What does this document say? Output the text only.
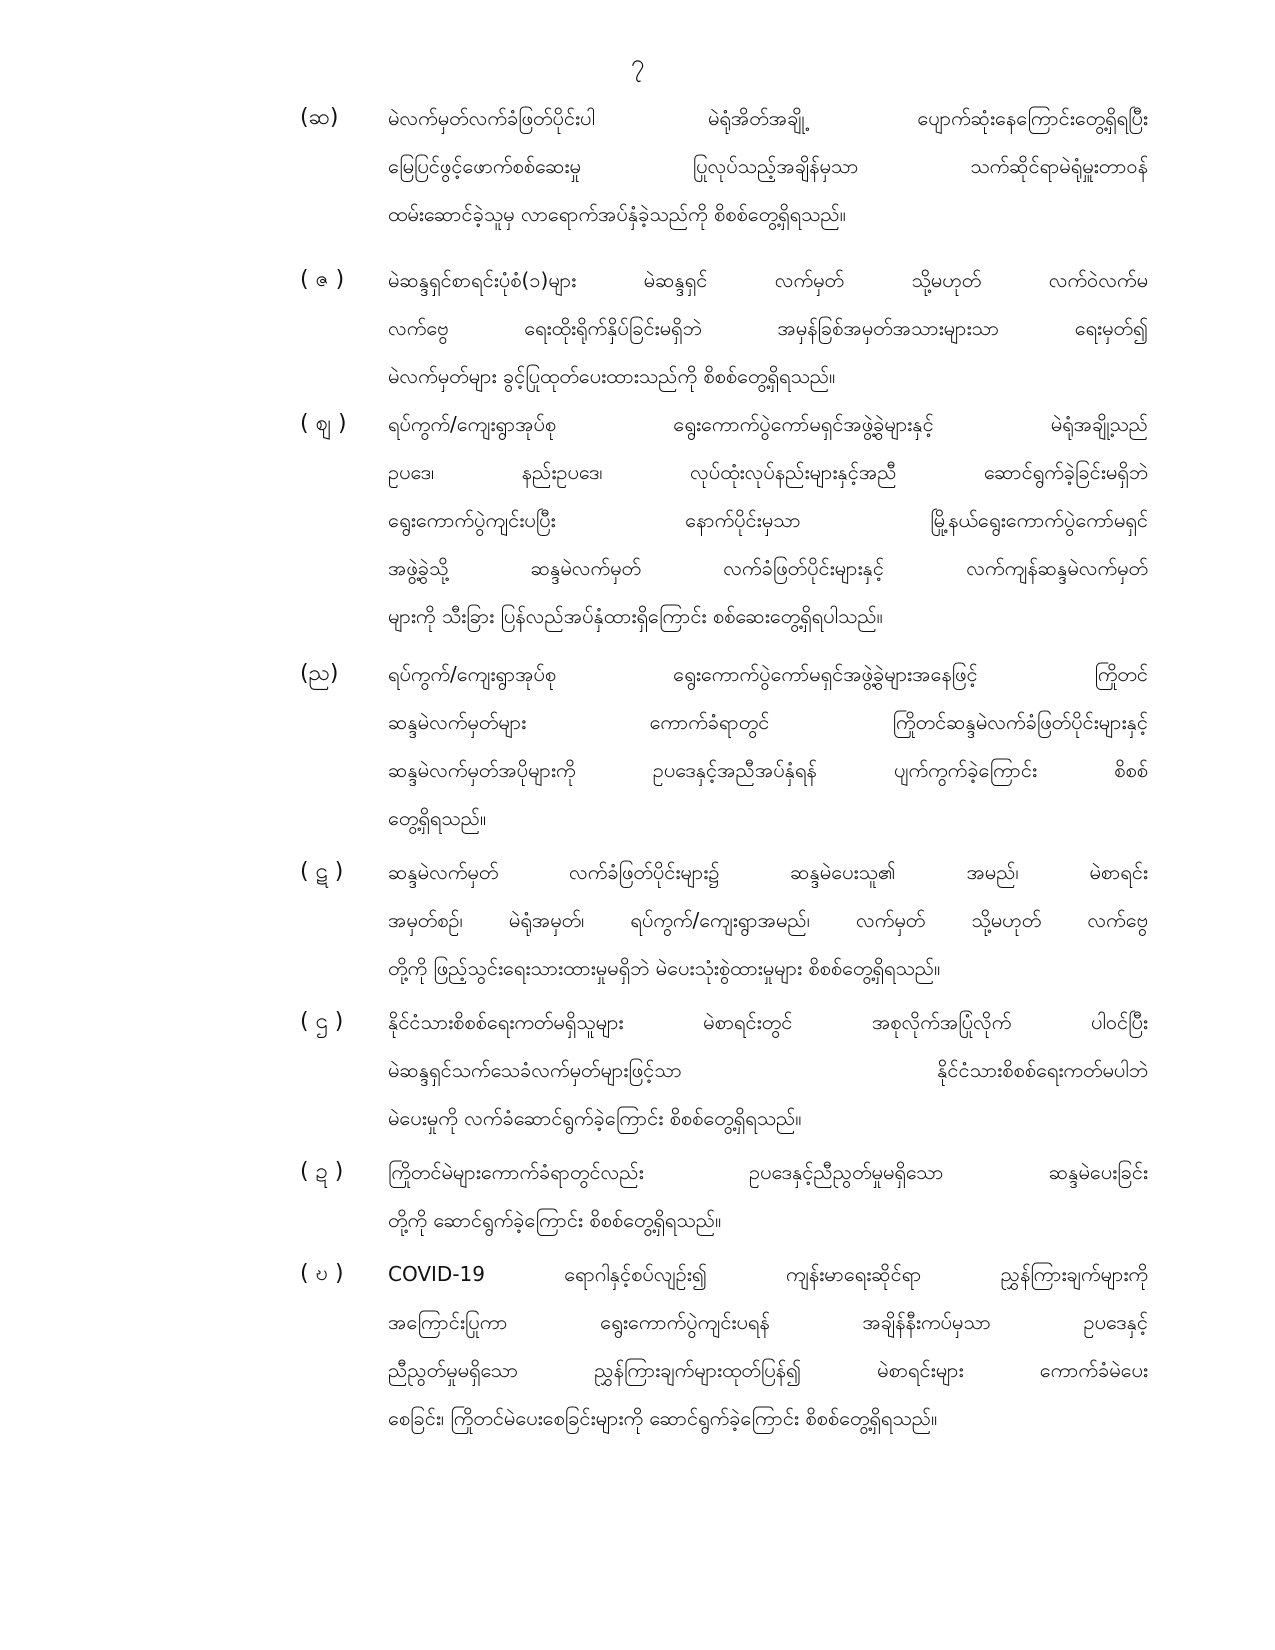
၇
(ဆ)	မဲလက်မှတ်လက်ခံဖြတ်ပိုင်းပါ မဲရုံအိတ်အချို့ ပျောက်ဆုံးနေကြောင်းတွေ့ရှိရပြီး
မြေပြင်ဖွင့်ဖောက်စစ်ဆေးမှု ပြုလုပ်သည့်အချိန်မှသာ သက်ဆိုင်ရာမဲရုံမှူးတာဝန်
ထမ်းဆောင်ခဲ့သူမှ လာရောက်အပ်နှံခဲ့သည်ကို စိစစ်တွေ့ရှိရသည်။
( ဇ )	မဲဆန္ဒရှင်စာရင်းပုံစံ(၁)များ မဲဆန္ဒရှင် လက်မှတ် သို့မဟုတ် လက်ဝဲလက်မ
လက်ဗွေ ရေးထိုးရိုက်နှိပ်ခြင်းမရှိဘဲ အမှန်ခြစ်အမှတ်အသားများသာ ရေးမှတ်၍
မဲလက်မှတ်များ ခွင့်ပြုထုတ်ပေးထားသည်ကို စိစစ်တွေ့ရှိရသည်။
( ဈ )	ရပ်ကွက်/ကျေးရွာအုပ်စု ရွေးကောက်ပွဲကော်မရှင်အဖွဲ့ခွဲများနှင့် မဲရုံအချို့သည်
ဥပဒေ၊ နည်းဥပဒေ၊ လုပ်ထုံးလုပ်နည်းများနှင့်အညီ ဆောင်ရွက်ခဲ့ခြင်းမရှိဘဲ
ရွေးကောက်ပွဲကျင်းပပြီး နောက်ပိုင်းမှသာ မြို့နယ်ရွေးကောက်ပွဲကော်မရှင်
အဖွဲ့ခွဲသို့ ဆန္ဒမဲလက်မှတ် လက်ခံဖြတ်ပိုင်းများနှင့် လက်ကျန်ဆန္ဒမဲလက်မှတ်
များကို သီးခြား ပြန်လည်အပ်နှံထားရှိကြောင်း စစ်ဆေးတွေ့ရှိရပါသည်။
(ည)	ရပ်ကွက်/ကျေးရွာအုပ်စု ရွေးကောက်ပွဲကော်မရှင်အဖွဲ့ခွဲများအနေဖြင့် ကြိုတင်
ဆန္ဒမဲလက်မှတ်များ ကောက်ခံရာတွင် ကြိုတင်ဆန္ဒမဲလက်ခံဖြတ်ပိုင်းများနှင့်
ဆန္ဒမဲလက်မှတ်အပိုများကို ဥပဒေနှင့်အညီအပ်နှံရန် ပျက်ကွက်ခဲ့ကြောင်း စိစစ်
တွေ့ရှိရသည်။
( ဋ )	ဆန္ဒမဲလက်မှတ် လက်ခံဖြတ်ပိုင်းများ၌ ဆန္ဒမဲပေးသူ၏ အမည်၊ မဲစာရင်း
အမှတ်စဉ်၊ မဲရုံအမှတ်၊ ရပ်ကွက်/ကျေးရွာအမည်၊ လက်မှတ် သို့မဟုတ် လက်ဗွေ
တို့ကို ဖြည့်သွင်းရေးသားထားမှုမရှိဘဲ မဲပေးသုံးစွဲထားမှုများ စိစစ်တွေ့ရှိရသည်။
( ဌ )	နိုင်ငံသားစိစစ်ရေးကတ်မရှိသူများ မဲစာရင်းတွင် အစုလိုက်အပြုံလိုက် ပါဝင်ပြီး
မဲဆန္ဒရှင်သက်သေခံလက်မှတ်များဖြင့်သာ နိုင်ငံသားစိစစ်ရေးကတ်မပါဘဲ
မဲပေးမှုကို လက်ခံဆောင်ရွက်ခဲ့ကြောင်း စိစစ်တွေ့ရှိရသည်။
( ဍ )	ကြိုတင်မဲများကောက်ခံရာတွင်လည်း ဥပဒေနှင့်ညီညွတ်မှုမရှိသော ဆန္ဒမဲပေးခြင်း
တို့ကို ဆောင်ရွက်ခဲ့ကြောင်း စိစစ်တွေ့ရှိရသည်။
( ဎ )	COVID-19 ရောဂါနှင့်စပ်လျဉ်း၍ ကျန်းမာရေးဆိုင်ရာ ညွှန်ကြားချက်များကို
အကြောင်းပြုကာ ရွေးကောက်ပွဲကျင်းပရန် အချိန်နီးကပ်မှသာ ဥပဒေနှင့်
ညီညွတ်မှုမရှိသော ညွှန်ကြားချက်များထုတ်ပြန်၍ မဲစာရင်းများ ကောက်ခံမဲပေး
စေခြင်း၊ ကြိုတင်မဲပေးစေခြင်းများကို ဆောင်ရွက်ခဲ့ကြောင်း စိစစ်တွေ့ရှိရသည်။
